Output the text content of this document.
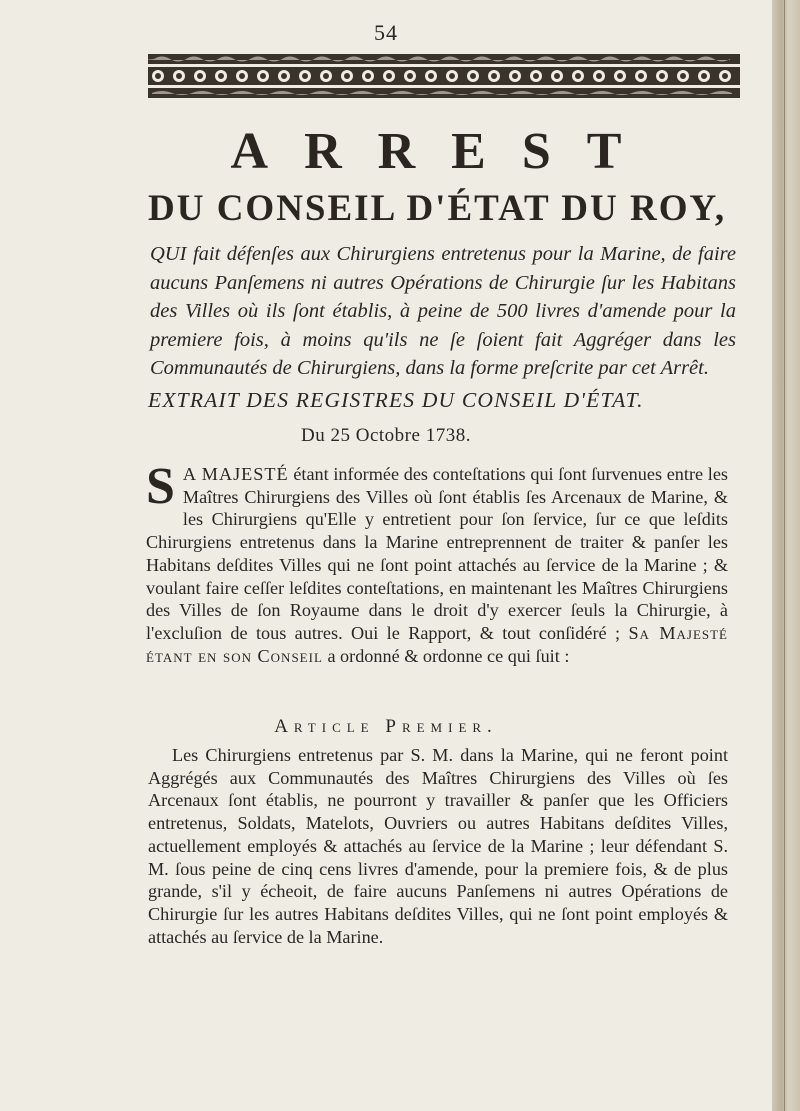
54
ARREST
DU CONSEIL D'ÉTAT DU ROY,
QUI fait défenſes aux Chirurgiens entretenus pour la Marine, de faire aucuns Panſemens ni autres Opérations de Chirurgie ſur les Habitans des Villes où ils ſont établis, à peine de 500 livres d'amende pour la premiere fois, à moins qu'ils ne ſe ſoient fait Aggréger dans les Communautés de Chirurgiens, dans la forme preſcrite par cet Arrêt.
EXTRAIT DES REGISTRES DU CONSEIL D'ÉTAT.
Du 25 Octobre 1738.
S A MAJESTÉ étant informée des conteſtations qui ſont ſurvenues entre les Maîtres Chirurgiens des Villes où ſont établis ſes Arcenaux de Marine, & les Chirurgiens qu'Elle y entretient pour ſon ſervice, ſur ce que leſdits Chirurgiens entretenus dans la Marine entreprennent de traiter & panſer les Habitans deſdites Villes qui ne ſont point attachés au ſervice de la Marine ; & voulant faire ceſſer leſdites conteſtations, en maintenant les Maîtres Chirurgiens des Villes de ſon Royaume dans le droit d'y exercer ſeuls la Chirurgie, à l'excluſion de tous autres. Oui le Rapport, & tout conſidéré ; Sa Majesté étant en son Conseil a ordonné & ordonne ce qui ſuit :
Article Premier.
Les Chirurgiens entretenus par S. M. dans la Marine, qui ne feront point Aggrégés aux Communautés des Maîtres Chirurgiens des Villes où ſes Arcenaux ſont établis, ne pourront y travailler & panſer que les Officiers entretenus, Soldats, Matelots, Ouvriers ou autres Habitans deſdites Villes, actuellement employés & attachés au ſervice de la Marine ; leur défendant S. M. ſous peine de cinq cens livres d'amende, pour la premiere fois, & de plus grande, s'il y écheoit, de faire aucuns Panſemens ni autres Opérations de Chirurgie ſur les autres Habitans deſdites Villes, qui ne ſont point employés & attachés au ſervice de la Marine.
